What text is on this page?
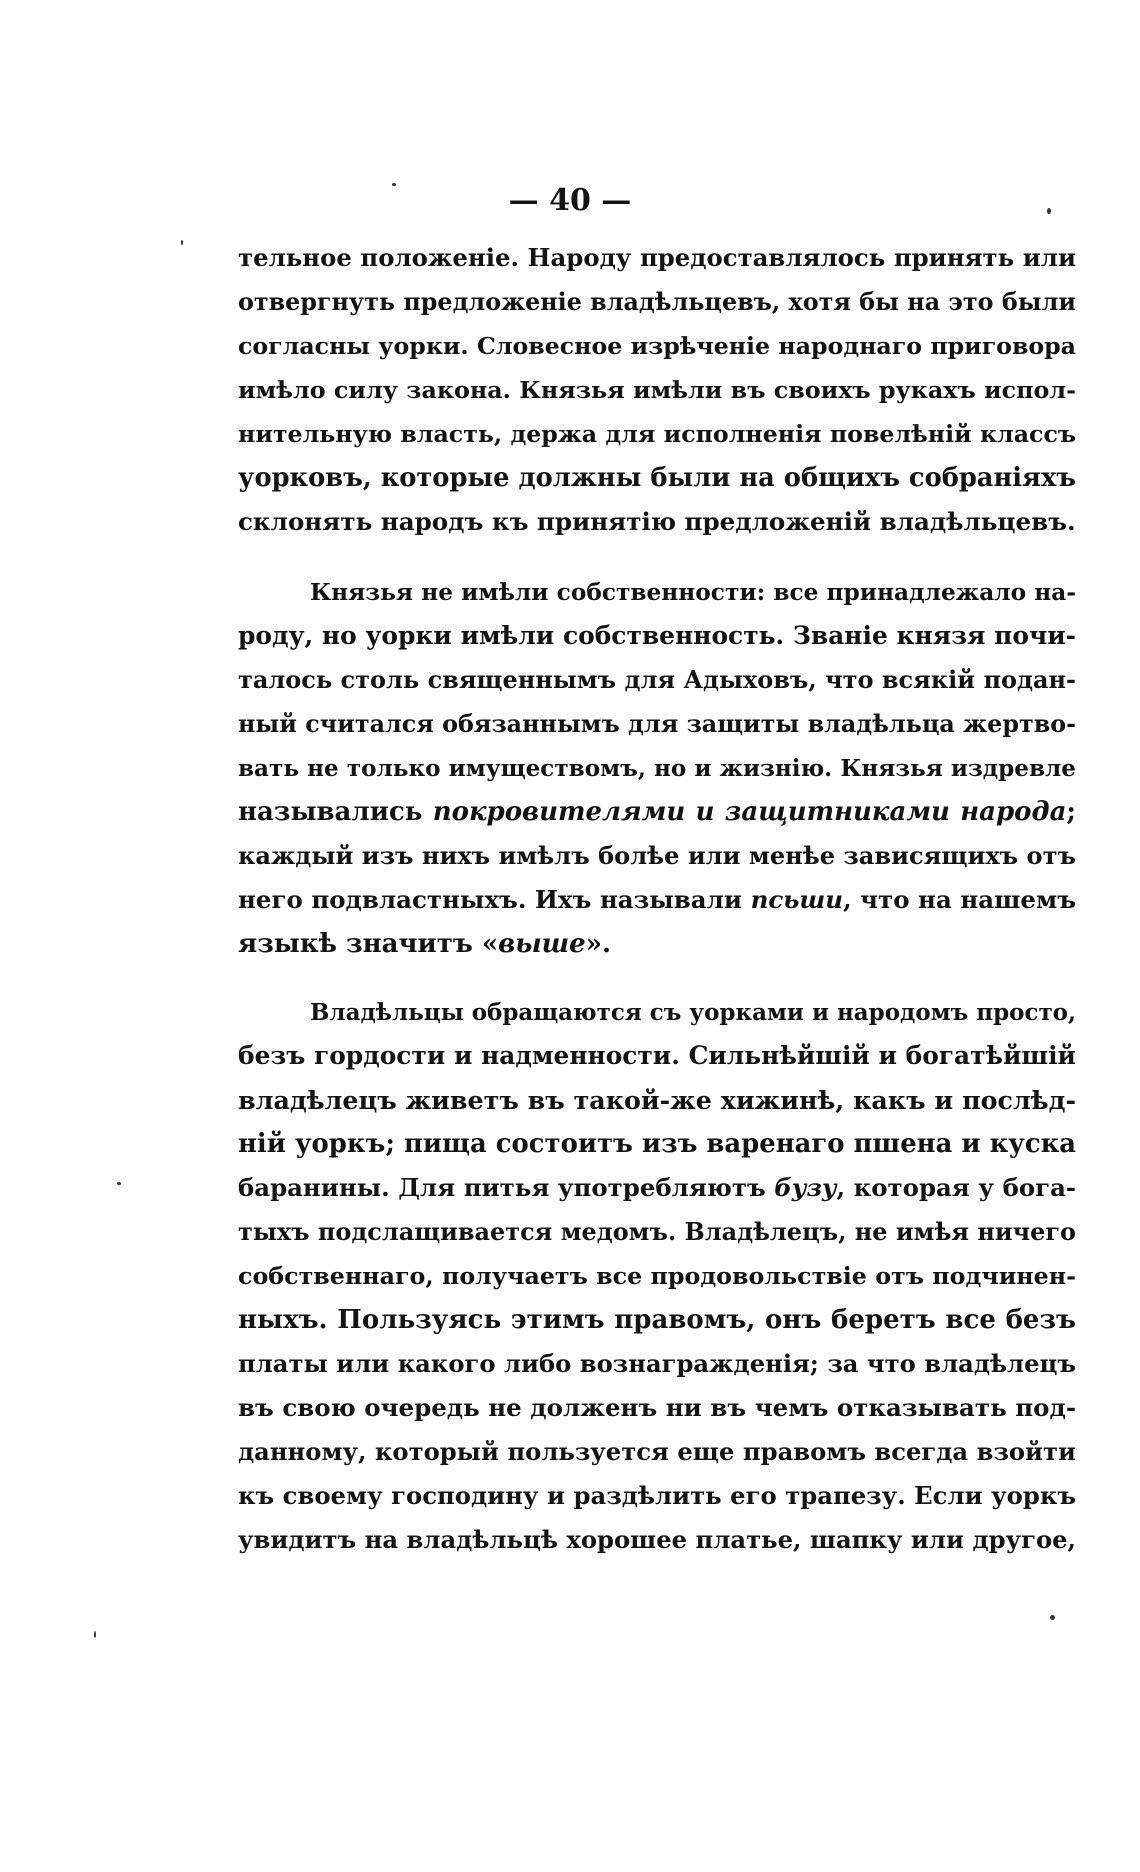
— 40 —
тельное положенiе. Народу предоставлялось принять или
отвергнуть предложенiе владѣльцевъ, хотя бы на это были
согласны уорки. Словесное изрѣченiе народнаго приговора
имѣло силу закона. Князья имѣли въ своихъ рукахъ испол-
нительную власть, держа для исполненiя повелѣнiй классъ
уорковъ, которые должны были на общихъ собранiяхъ
склонять народъ къ принятiю предложенiй владѣльцевъ.
Князья не имѣли собственности: все принадлежало на-
роду, но уорки имѣли собственность. Званiе князя почи-
талось столь священнымъ для Адыховъ, что всякiй подан-
ный считался обязаннымъ для защиты владѣльца жертво-
вать не только имуществомъ, но и жизнiю. Князья издревле
назывались покровителями и защитниками народа;
каждый изъ нихъ имѣлъ болѣе или менѣе зависящихъ отъ
него подвластныхъ. Ихъ называли псьши, что на нашемъ
языкѣ значитъ «выше».
Владѣльцы обращаются съ уорками и народомъ просто,
безъ гордости и надменности. Сильнѣйшiй и богатѣйшiй
владѣлецъ живетъ въ такой-же хижинѣ, какъ и послѣд-
нiй уоркъ; пища состоитъ изъ варенаго пшена и куска
баранины. Для питья употребляютъ бузу, которая у бога-
тыхъ подслащивается медомъ. Владѣлецъ, не имѣя ничего
собственнаго, получаетъ все продовольствiе отъ подчинен-
ныхъ. Пользуясь этимъ правомъ, онъ беретъ все безъ
платы или какого либо вознагражденiя; за что владѣлецъ
въ свою очередь не долженъ ни въ чемъ отказывать под-
данному, который пользуется еще правомъ всегда взойти
къ своему господину и раздѣлить его трапезу. Если уоркъ
увидитъ на владѣльцѣ хорошее платье, шапку или другое,
